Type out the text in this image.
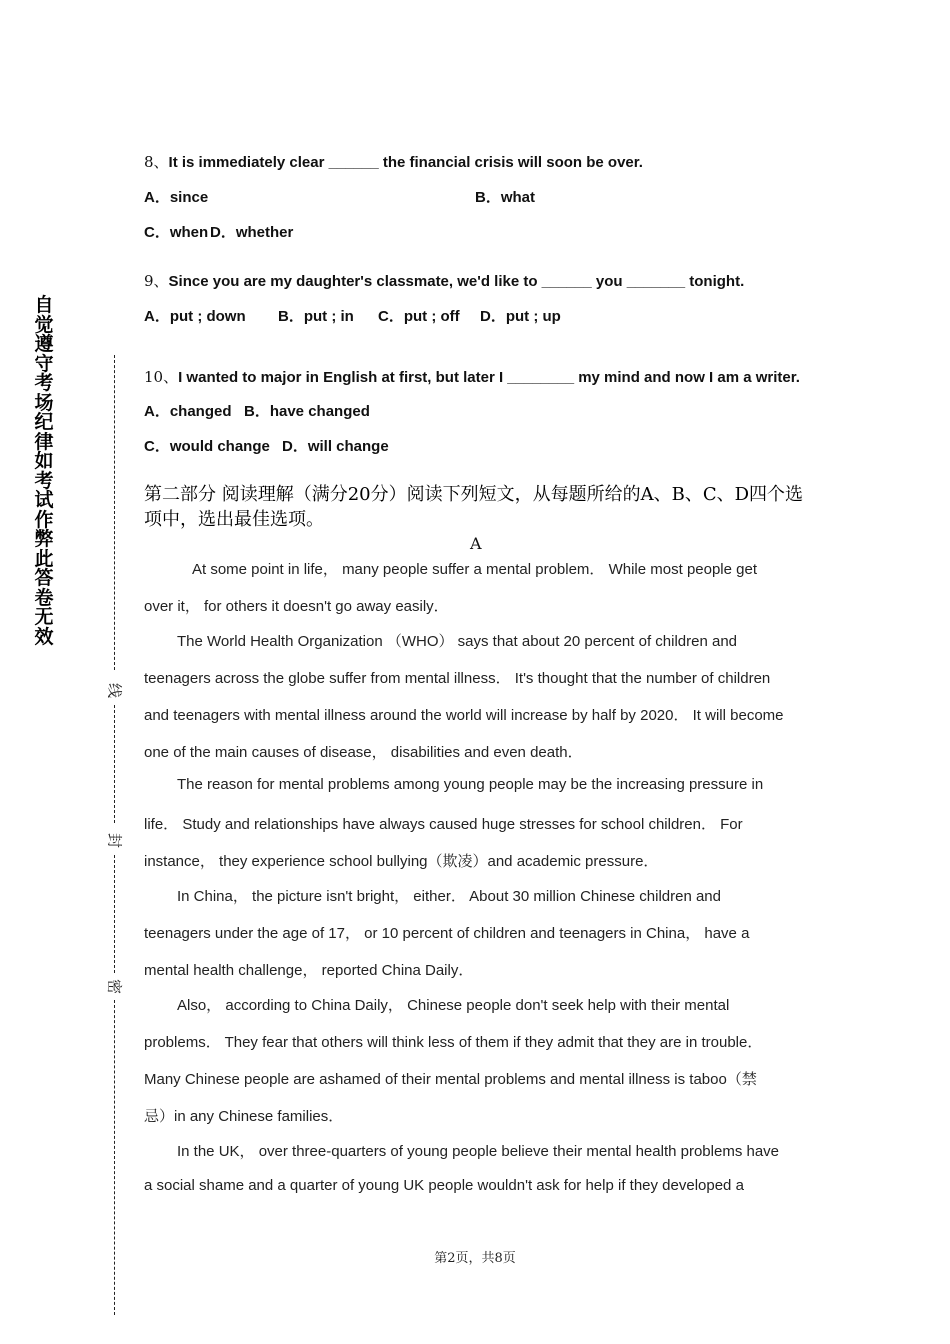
自觉遵守考场纪律如考试作弊此答卷无效
线
封
密
8、It is immediately clear ______ the financial crisis will soon be over.
A．since	B．what
C．when D．whether
9、Since you are my daughter's classmate, we'd like to ______ you _______ tonight.
A．put ; down B．put ; in C．put ; off D．put ; up
10、I wanted to major in English at first, but later I ________ my mind and now I am a writer.
A．changed B．have changed
C．would change D．will change
第二部分 阅读理解（满分20分）阅读下列短文，从每题所给的A、B、C、D四个选项中，选出最佳选项。
A
At some point in life， many people suffer a mental problem． While most people get
over it， for others it doesn't go away easily．
The World Health Organization （WHO） says that about 20 percent of children and
teenagers across the globe suffer from mental illness． It's thought that the number of children
and teenagers with mental illness around the world will increase by half by 2020． It will become
one of the main causes of disease， disabilities and even death．
The reason for mental problems among young people may be the increasing pressure in
life． Study and relationships have always caused huge stresses for school children． For
instance， they experience school bullying（欺凌）and academic pressure．
In China， the picture isn't bright， either． About 30 million Chinese children and
teenagers under the age of 17， or 10 percent of children and teenagers in China， have a
mental health challenge， reported China Daily．
Also， according to China Daily， Chinese people don't seek help with their mental
problems． They fear that others will think less of them if they admit that they are in trouble．
Many Chinese people are ashamed of their mental problems and mental illness is taboo（禁
忌）in any Chinese families．
In the UK， over three-quarters of young people believe their mental health problems have
a social shame and a quarter of young UK people wouldn't ask for help if they developed a
第2页，共8页
